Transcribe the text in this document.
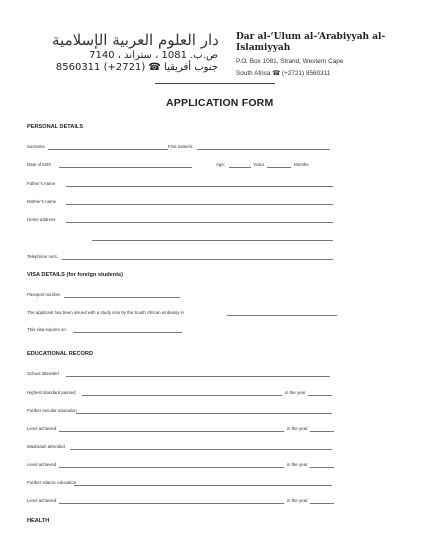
دار العلوم العربية الإسلامية
ص.ب. 1081 ، ستراند ، 7140
جنوب أفريقيا ☎ (2721+) 8560311
Dar al-‘Ulum al-‘Arabiyyah al-
Islamiyyah
P.O. Box 1081, Strand, Western Cape
South Africa ☎ (+2721) 8560311
APPLICATION FORM
PERSONAL DETAILS
Surname	First name/s:
Date of birth	Age:	Years	Months
Father’s name
Mother’s name
Home address
Telephone no/s.
VISA DETAILS (for foreign students)
Passport number
The applicant has been issued with a study visa by the South African embassy in
This visa expires on
EDUCATIONAL RECORD
School attended
Highest standard passed	in the year
Further secular education
Level achieved	in the year
Madrasah attended
Level achieved	in the year
Further Islamic education
Level achieved	in the year
HEALTH
